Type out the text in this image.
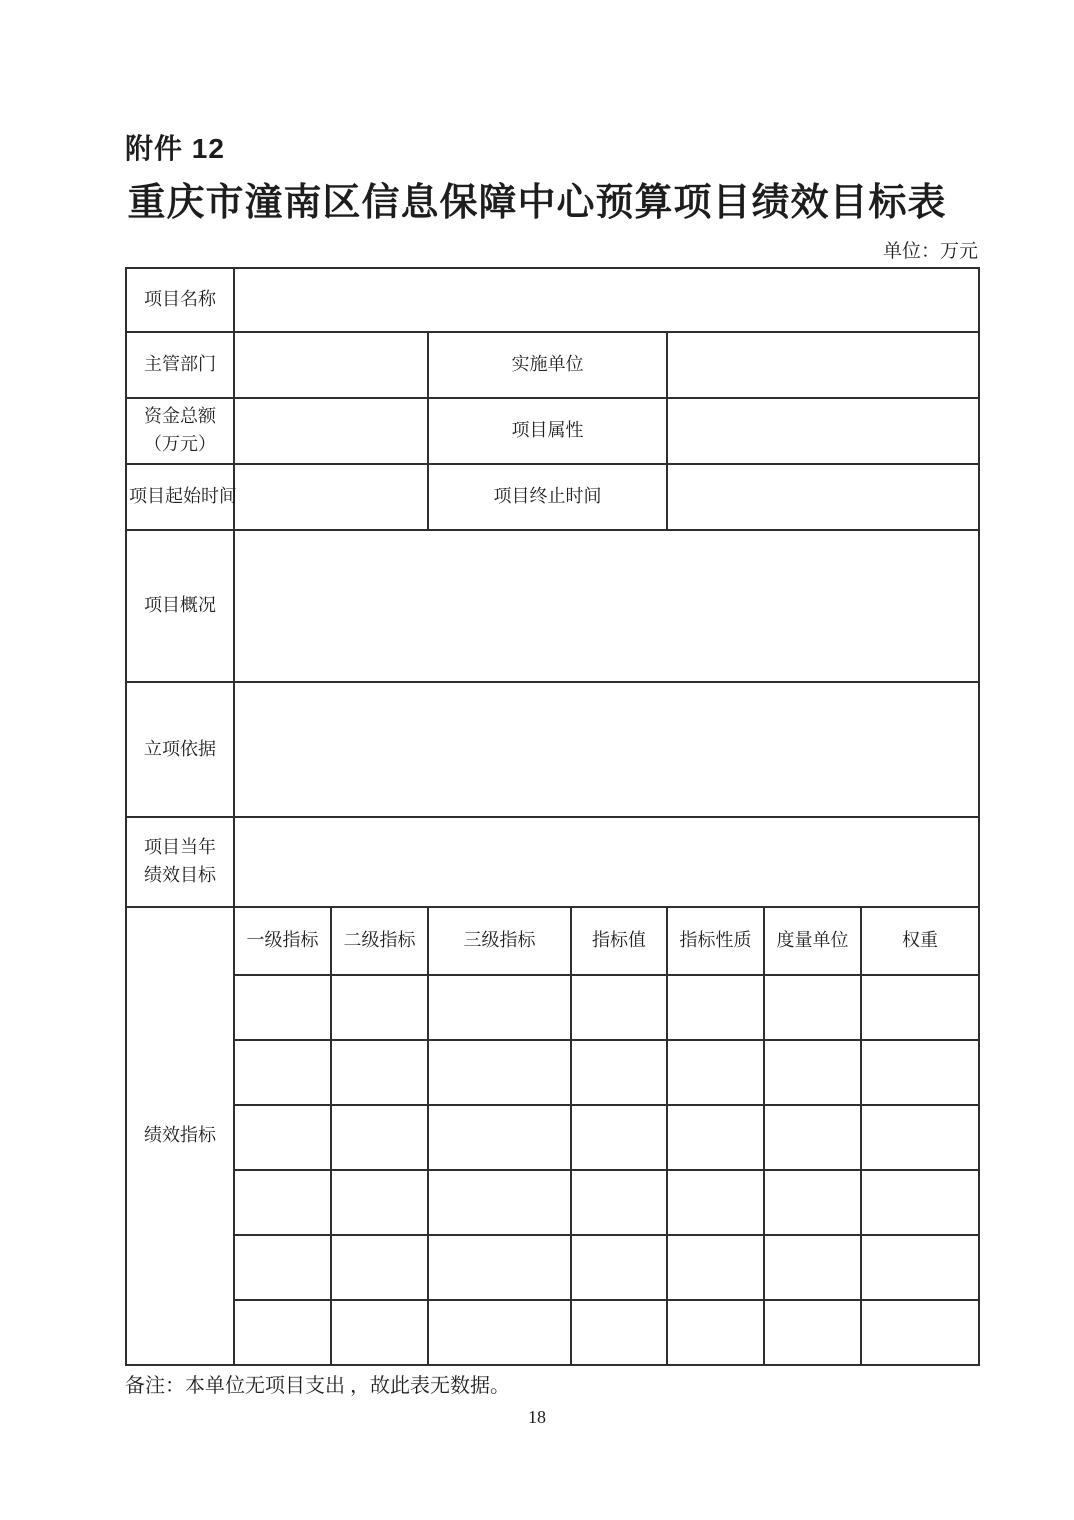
附件 12
重庆市潼南区信息保障中心预算项目绩效目标表
单位：万元
项目名称							
主管部门			实施单位				
资金总额
（万元）			项目属性				
项目起始时间			项目终止时间				
项目概况							
立项依据							
项目当年
绩效目标							
绩效指标	一级指标	二级指标	三级指标	指标值	指标性质	度量单位	权重

备注：本单位无项目支出 ，故此表无数据。
18
